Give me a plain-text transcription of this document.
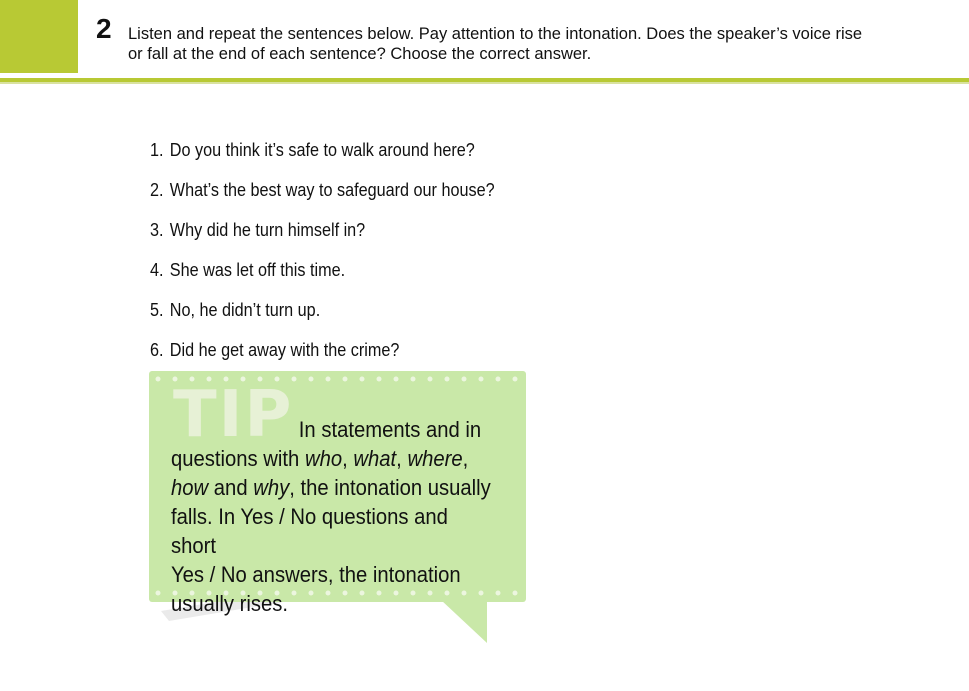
2 Listen and repeat the sentences below. Pay attention to the intonation. Does the speaker’s voice rise
or fall at the end of each sentence? Choose the correct answer.
1. Do you think it’s safe to walk around here?
2. What’s the best way to safeguard our house?
3. Why did he turn himself in?
4. She was let off this time.
5. No, he didn’t turn up.
6. Did he get away with the crime?
TIP In statements and in
questions with who, what, where,
how and why, the intonation usually
falls. In Yes / No questions and short
Yes / No answers, the intonation
usually rises.
